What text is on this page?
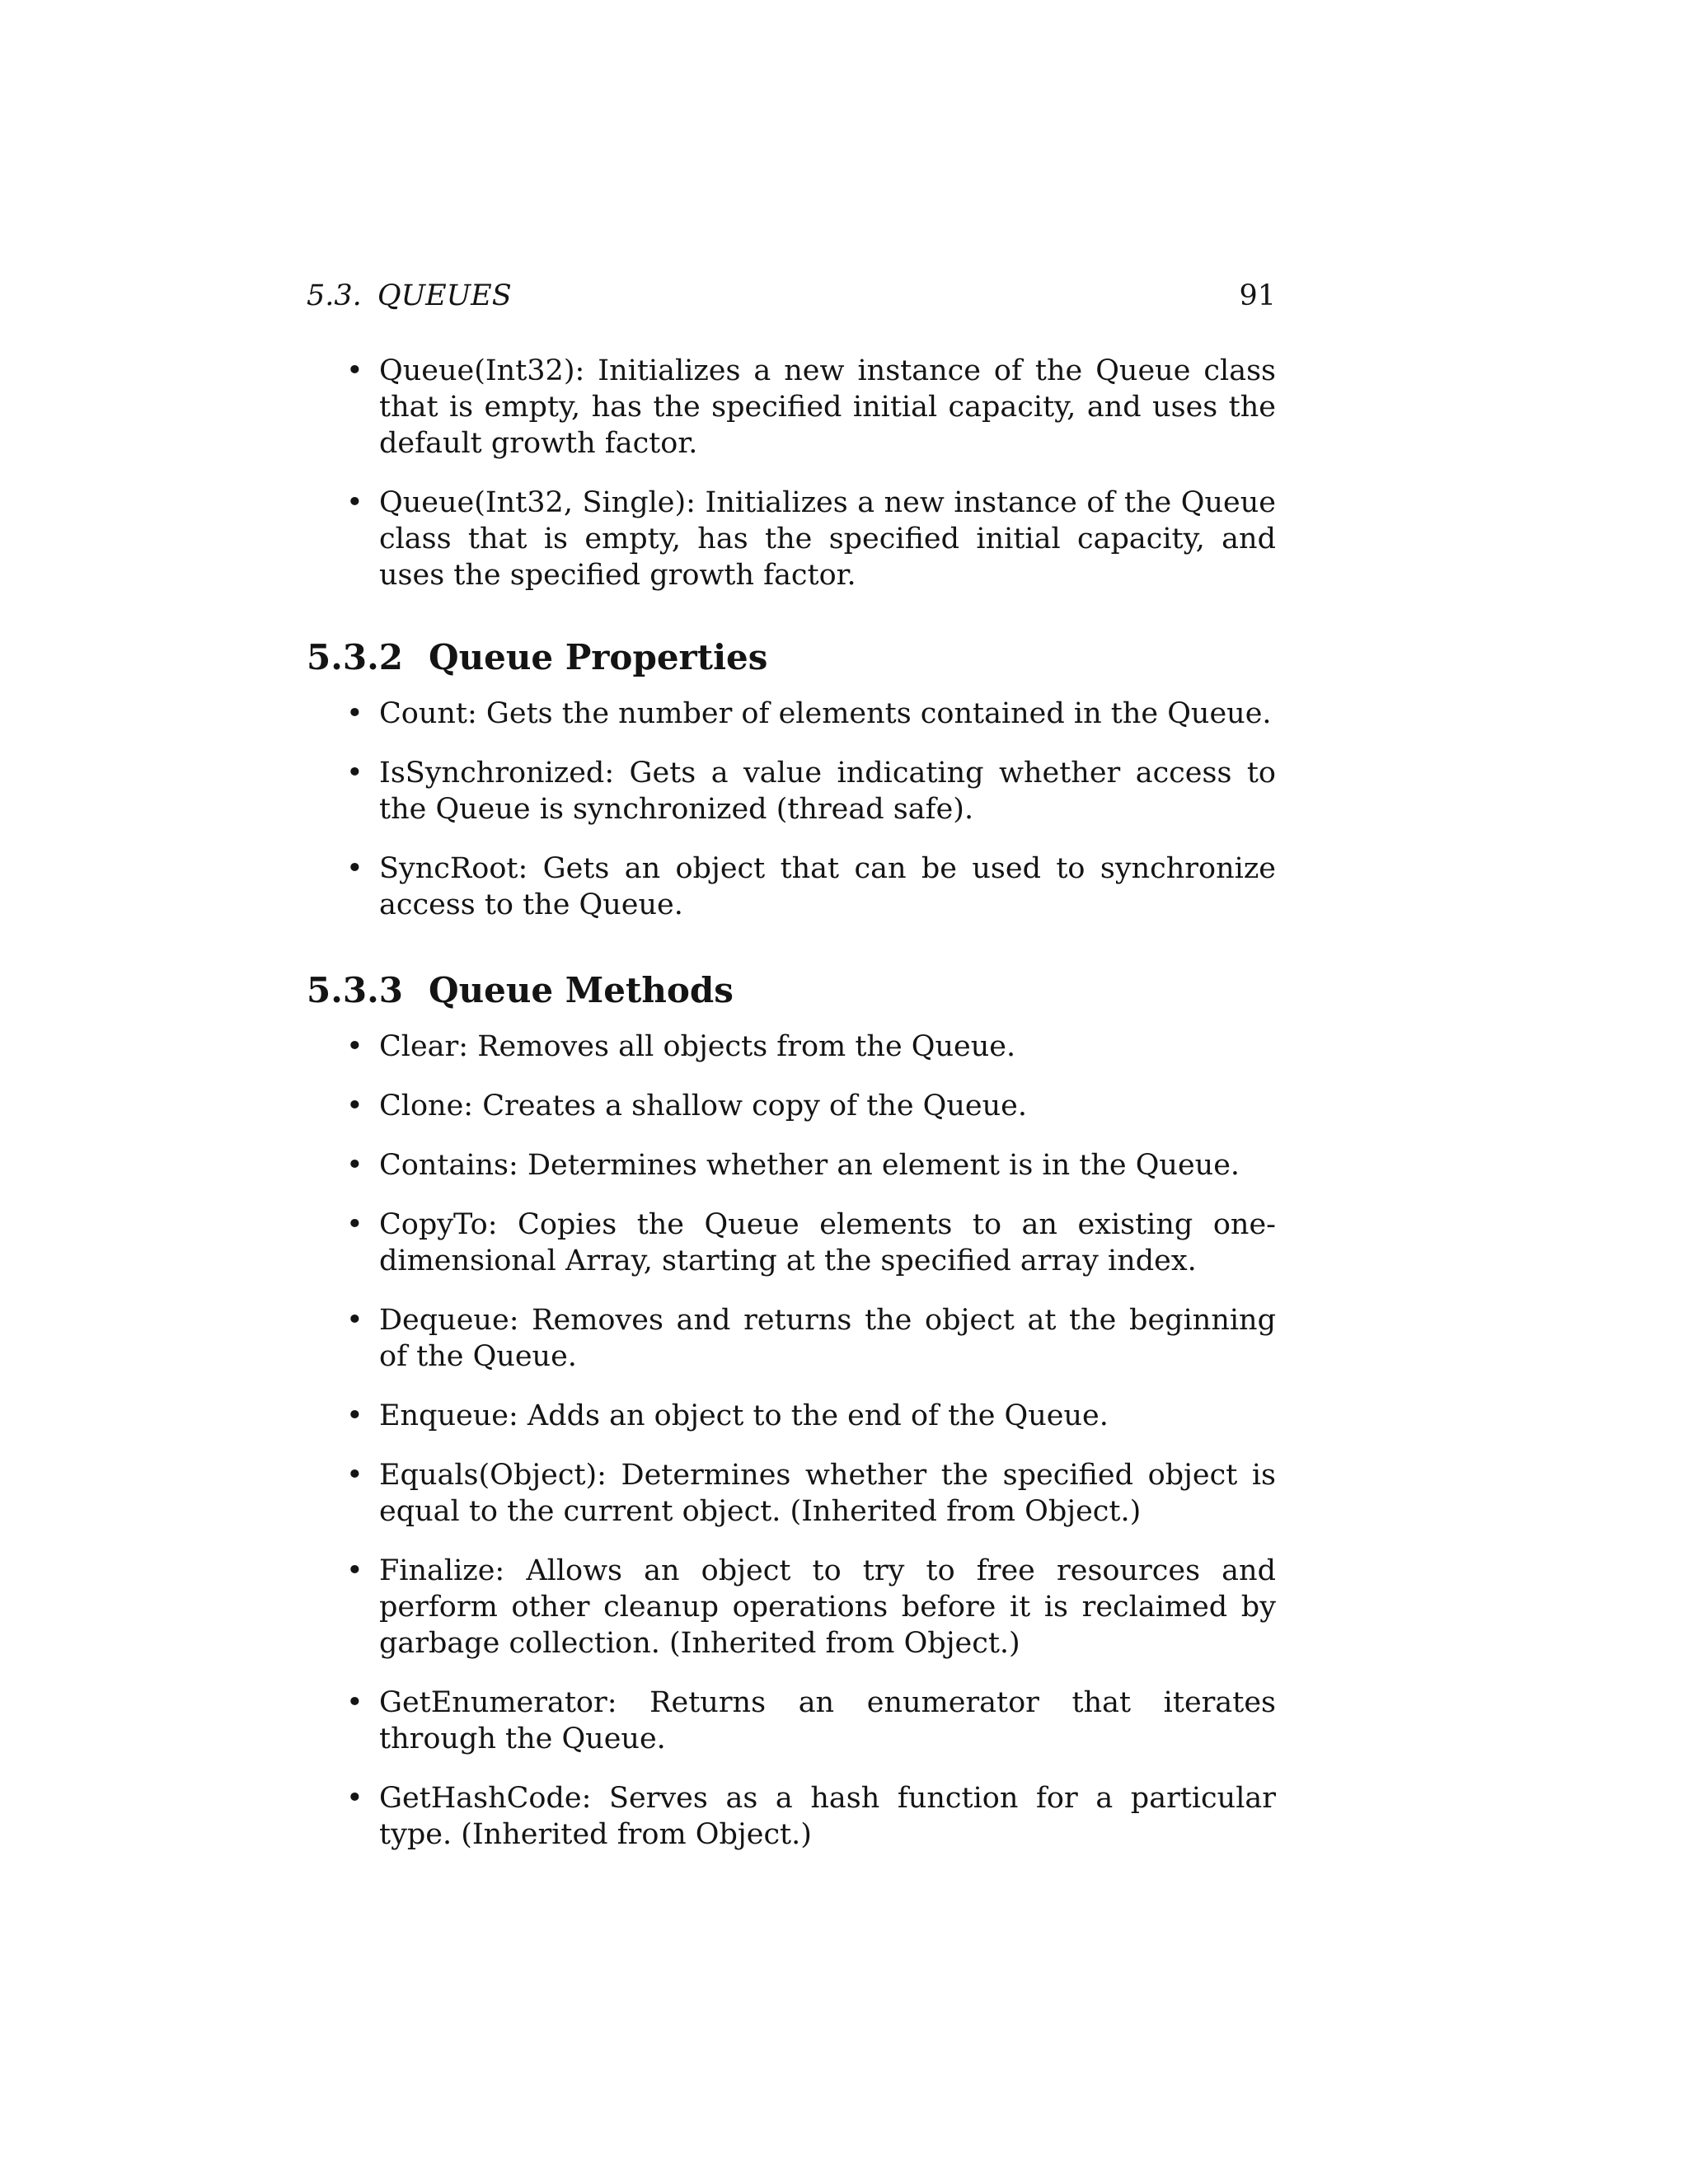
5.3. QUEUES	91
• Queue(Int32): Initializes a new instance of the Queue class that is empty, has the specified initial capacity, and uses the default growth factor.
• Queue(Int32, Single): Initializes a new instance of the Queue class that is empty, has the specified initial capacity, and uses the specified growth factor.
5.3.2 Queue Properties
• Count: Gets the number of elements contained in the Queue.
• IsSynchronized: Gets a value indicating whether access to the Queue is synchronized (thread safe).
• SyncRoot: Gets an object that can be used to synchronize access to the Queue.
5.3.3 Queue Methods
• Clear: Removes all objects from the Queue.
• Clone: Creates a shallow copy of the Queue.
• Contains: Determines whether an element is in the Queue.
• CopyTo: Copies the Queue elements to an existing one-dimensional Array, starting at the specified array index.
• Dequeue: Removes and returns the object at the beginning of the Queue.
• Enqueue: Adds an object to the end of the Queue.
• Equals(Object): Determines whether the specified object is equal to the current object. (Inherited from Object.)
• Finalize: Allows an object to try to free resources and perform other cleanup operations before it is reclaimed by garbage collection. (Inherited from Object.)
• GetEnumerator: Returns an enumerator that iterates through the Queue.
• GetHashCode: Serves as a hash function for a particular type. (Inherited from Object.)
